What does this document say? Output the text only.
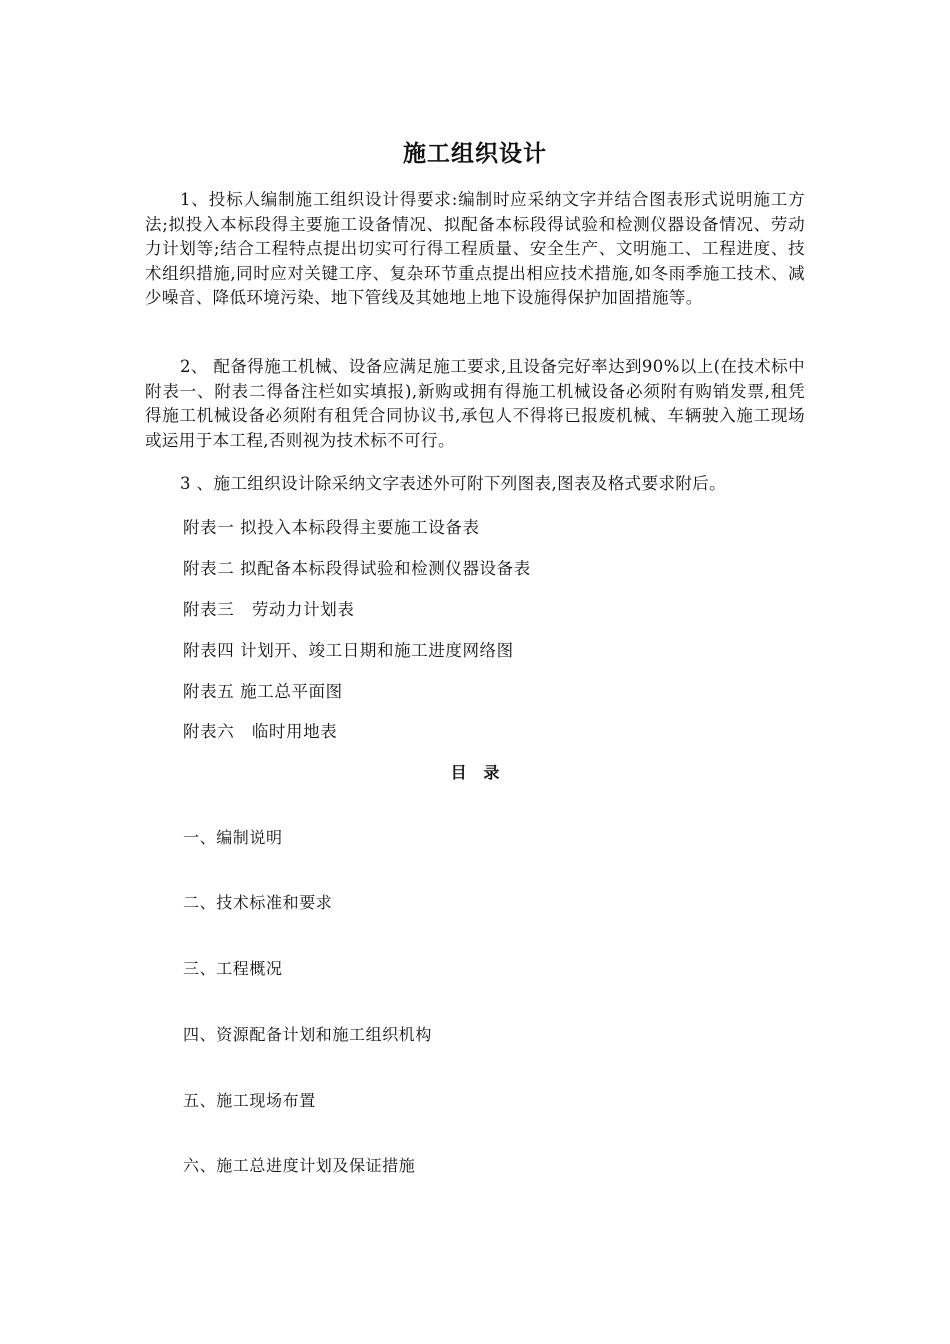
施工组织设计
1、投标人编制施工组织设计得要求:编制时应采纳文字并结合图表形式说明施工方法;拟投入本标段得主要施工设备情况、拟配备本标段得试验和检测仪器设备情况、劳动力计划等;结合工程特点提出切实可行得工程质量、安全生产、文明施工、工程进度、技术组织措施,同时应对关键工序、复杂环节重点提出相应技术措施,如冬雨季施工技术、减少噪音、降低环境污染、地下管线及其她地上地下设施得保护加固措施等。
2、 配备得施工机械、设备应满足施工要求,且设备完好率达到90%以上(在技术标中附表一、附表二得备注栏如实填报),新购或拥有得施工机械设备必须附有购销发票,租凭得施工机械设备必须附有租凭合同协议书,承包人不得将已报废机械、车辆驶入施工现场或运用于本工程,否则视为技术标不可行。
3 、施工组织设计除采纳文字表述外可附下列图表,图表及格式要求附后。
附表一 拟投入本标段得主要施工设备表
附表二 拟配备本标段得试验和检测仪器设备表
附表三   劳动力计划表
附表四 计划开、竣工日期和施工进度网络图
附表五 施工总平面图
附表六   临时用地表
目   录
一、编制说明
二、技术标准和要求
三、工程概况
四、资源配备计划和施工组织机构
五、施工现场布置
六、施工总进度计划及保证措施
